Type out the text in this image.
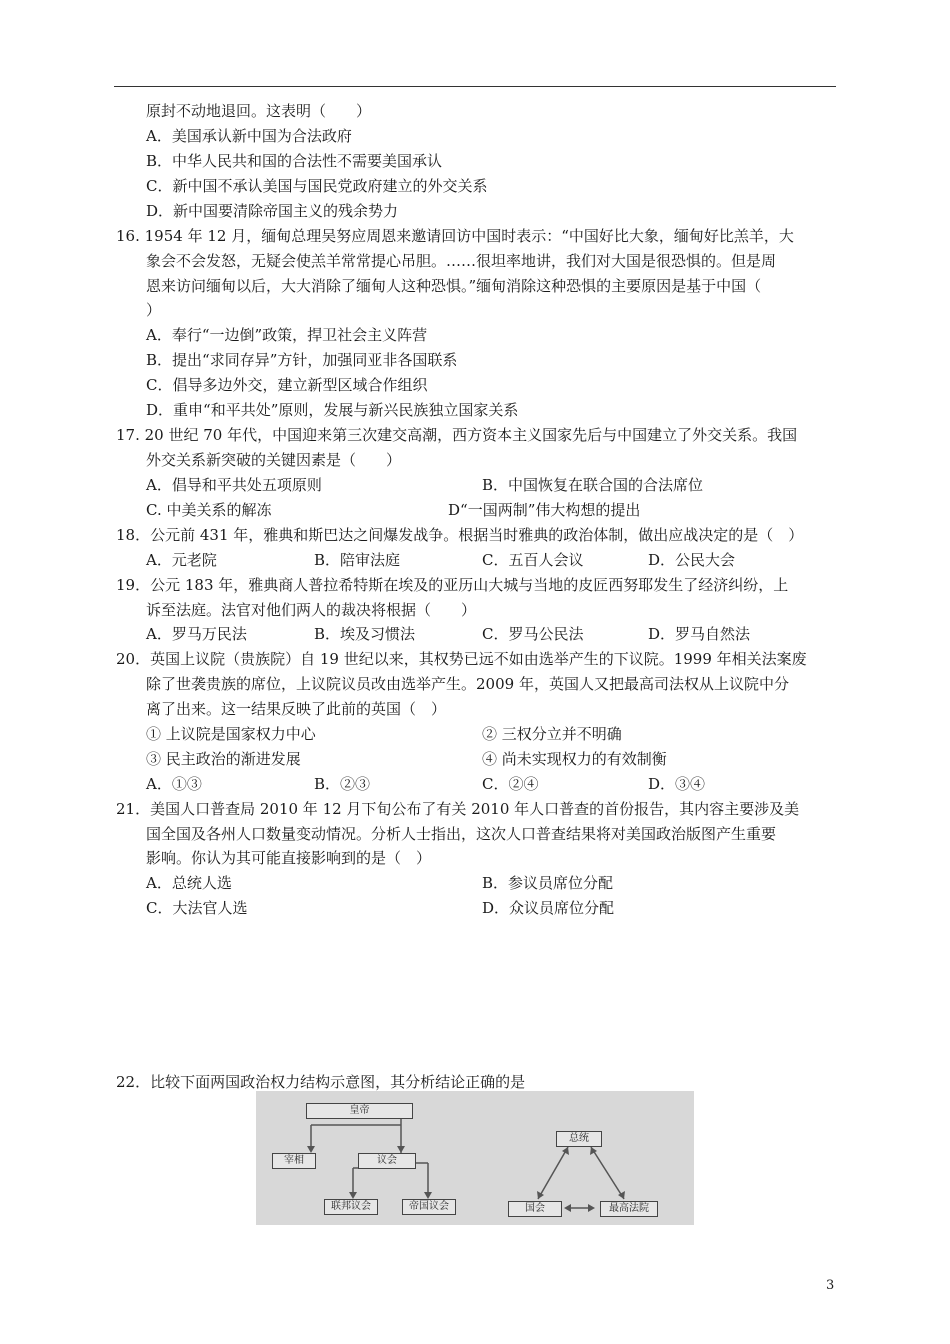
原封不动地退回。这表明（　　）
A．美国承认新中国为合法政府
B．中华人民共和国的合法性不需要美国承认
C．新中国不承认美国与国民党政府建立的外交关系
D．新中国要清除帝国主义的残余势力
16. 1954 年 12 月，缅甸总理吴努应周恩来邀请回访中国时表示：“中国好比大象，缅甸好比羔羊，大
象会不会发怒，无疑会使羔羊常常提心吊胆。……很坦率地讲，我们对大国是很恐惧的。但是周
恩来访问缅甸以后，大大消除了缅甸人这种恐惧。”缅甸消除这种恐惧的主要原因是基于中国（
）
A．奉行“一边倒”政策，捍卫社会主义阵营
B．提出“求同存异”方针，加强同亚非各国联系
C．倡导多边外交，建立新型区域合作组织
D．重申“和平共处”原则，发展与新兴民族独立国家关系
17. 20 世纪 70 年代，中国迎来第三次建交高潮，西方资本主义国家先后与中国建立了外交关系。我国
外交关系新突破的关键因素是（　　）
A．倡导和平共处五项原则	B．中国恢复在联合国的合法席位
C. 中美关系的解冻	D“一国两制”伟大构想的提出
18．公元前 431 年，雅典和斯巴达之间爆发战争。根据当时雅典的政治体制，做出应战决定的是（　）
A．元老院	B．陪审法庭	C．五百人会议	D．公民大会
19．公元 183 年，雅典商人普拉希特斯在埃及的亚历山大城与当地的皮匠西努耶发生了经济纠纷，上
诉至法庭。法官对他们两人的裁决将根据（　　）
A．罗马万民法	B．埃及习惯法	C．罗马公民法	D．罗马自然法
20．英国上议院（贵族院）自 19 世纪以来，其权势已远不如由选举产生的下议院。1999 年相关法案废
除了世袭贵族的席位，上议院议员改由选举产生。2009 年，英国人又把最高司法权从上议院中分
离了出来。这一结果反映了此前的英国（　）
① 上议院是国家权力中心	② 三权分立并不明确
③ 民主政治的渐进发展	④ 尚未实现权力的有效制衡
A．①③	B．②③	C．②④	D．③④
21．美国人口普查局 2010 年 12 月下旬公布了有关 2010 年人口普查的首份报告，其内容主要涉及美
国全国及各州人口数量变动情况。分析人士指出，这次人口普查结果将对美国政治版图产生重要
影响。你认为其可能直接影响到的是（　）
A．总统人选	B．参议员席位分配
C．大法官人选	D．众议员席位分配
22．比较下面两国政治权力结构示意图，其分析结论正确的是
皇帝
宰相	议会
联邦议会	帝国议会
总统
国会	最高法院
3
